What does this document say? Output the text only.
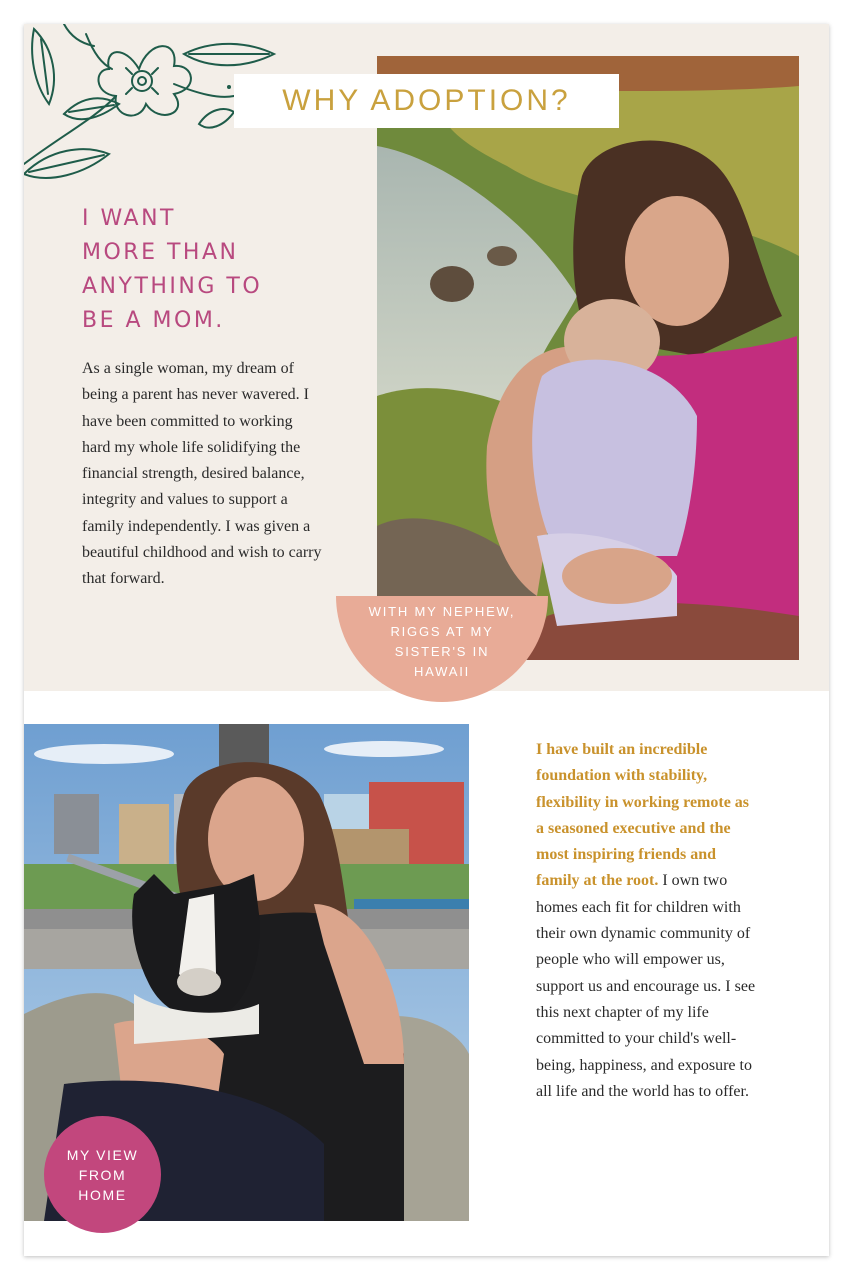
WHY ADOPTION?
I WANT
MORE THAN
ANYTHING TO
BE A MOM.

As a single woman, my dream of being a parent has never wavered. I have been committed to working hard my whole life solidifying the financial strength, desired balance, integrity and values to support a family independently. I was given a beautiful childhood and wish to carry that forward.

WITH MY NEPHEW, RIGGS AT MY SISTER'S IN HAWAII
MY VIEW FROM HOME

I have built an incredible foundation with stability, flexibility in working remote as a seasoned executive and the most inspiring friends and family at the root. I own two homes each fit for children with their own dynamic community of people who will empower us, support us and encourage us. I see this next chapter of my life committed to your child's well-being, happiness, and exposure to all life and the world has to offer.
